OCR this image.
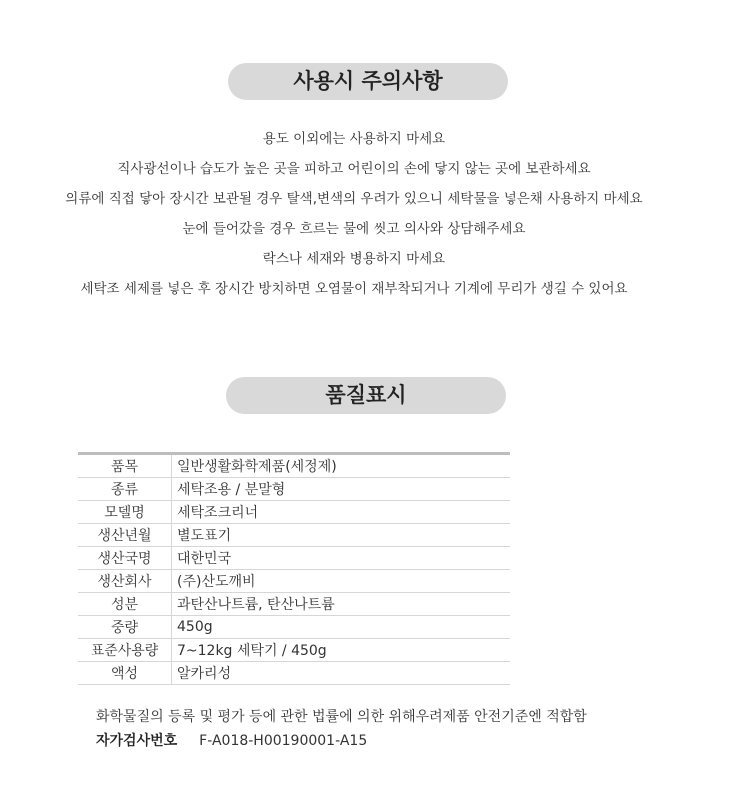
사용시 주의사항
용도 이외에는 사용하지 마세요
직사광선이나 습도가 높은 곳을 피하고 어린이의 손에 닿지 않는 곳에 보관하세요
의류에 직접 닿아 장시간 보관될 경우 탈색,변색의 우려가 있으니 세탁물을 넣은채 사용하지 마세요
눈에 들어갔을 경우 흐르는 물에 씻고 의사와 상담해주세요
락스나 세재와 병용하지 마세요
세탁조 세제를 넣은 후 장시간 방치하면 오염물이 재부착되거나 기계에 무리가 생길 수 있어요
품질표시
품목	일반생활화학제품(세정제)
종류	세탁조용 / 분말형
모델명	세탁조크리너
생산년월	별도표기
생산국명	대한민국
생산회사	(주)산도깨비
성분	과탄산나트륨, 탄산나트륨
중량	450g
표준사용량	7~12kg 세탁기 / 450g
액성	알카리성
화학물질의 등록 및 평가 등에 관한 법률에 의한 위해우려제품 안전기준엔 적합함
자가검사번호 F-A018-H00190001-A15
